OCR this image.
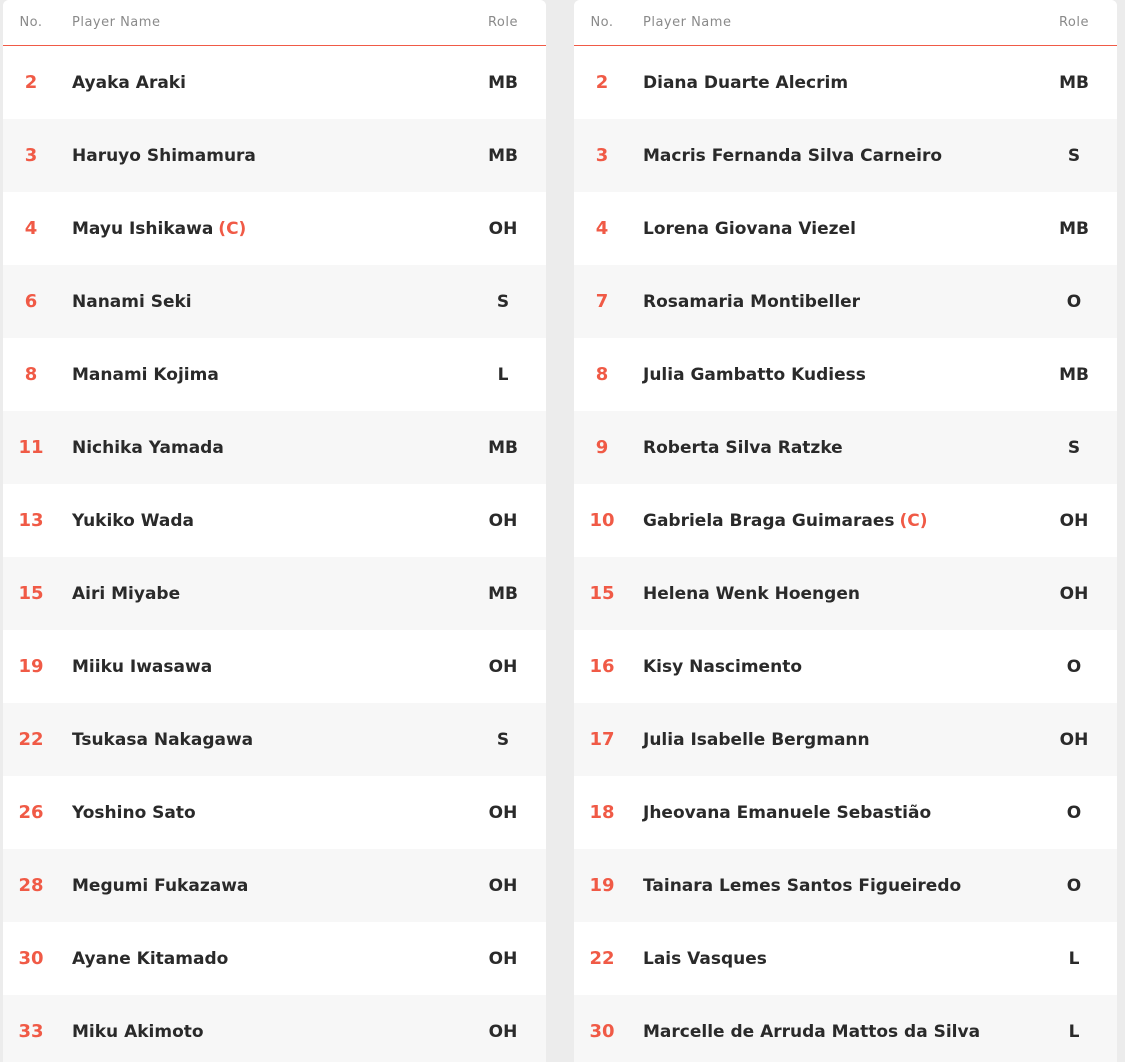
No.	Player Name	Role
2	Ayaka Araki	MB
3	Haruyo Shimamura	MB
4	Mayu Ishikawa (C)	OH
6	Nanami Seki	S
8	Manami Kojima	L
11	Nichika Yamada	MB
13	Yukiko Wada	OH
15	Airi Miyabe	MB
19	Miiku Iwasawa	OH
22	Tsukasa Nakagawa	S
26	Yoshino Sato	OH
28	Megumi Fukazawa	OH
30	Ayane Kitamado	OH
33	Miku Akimoto	OH
No.	Player Name	Role
2	Diana Duarte Alecrim	MB
3	Macris Fernanda Silva Carneiro	S
4	Lorena Giovana Viezel	MB
7	Rosamaria Montibeller	O
8	Julia Gambatto Kudiess	MB
9	Roberta Silva Ratzke	S
10	Gabriela Braga Guimaraes (C)	OH
15	Helena Wenk Hoengen	OH
16	Kisy Nascimento	O
17	Julia Isabelle Bergmann	OH
18	Jheovana Emanuele Sebastião	O
19	Tainara Lemes Santos Figueiredo	O
22	Lais Vasques	L
30	Marcelle de Arruda Mattos da Silva	L
